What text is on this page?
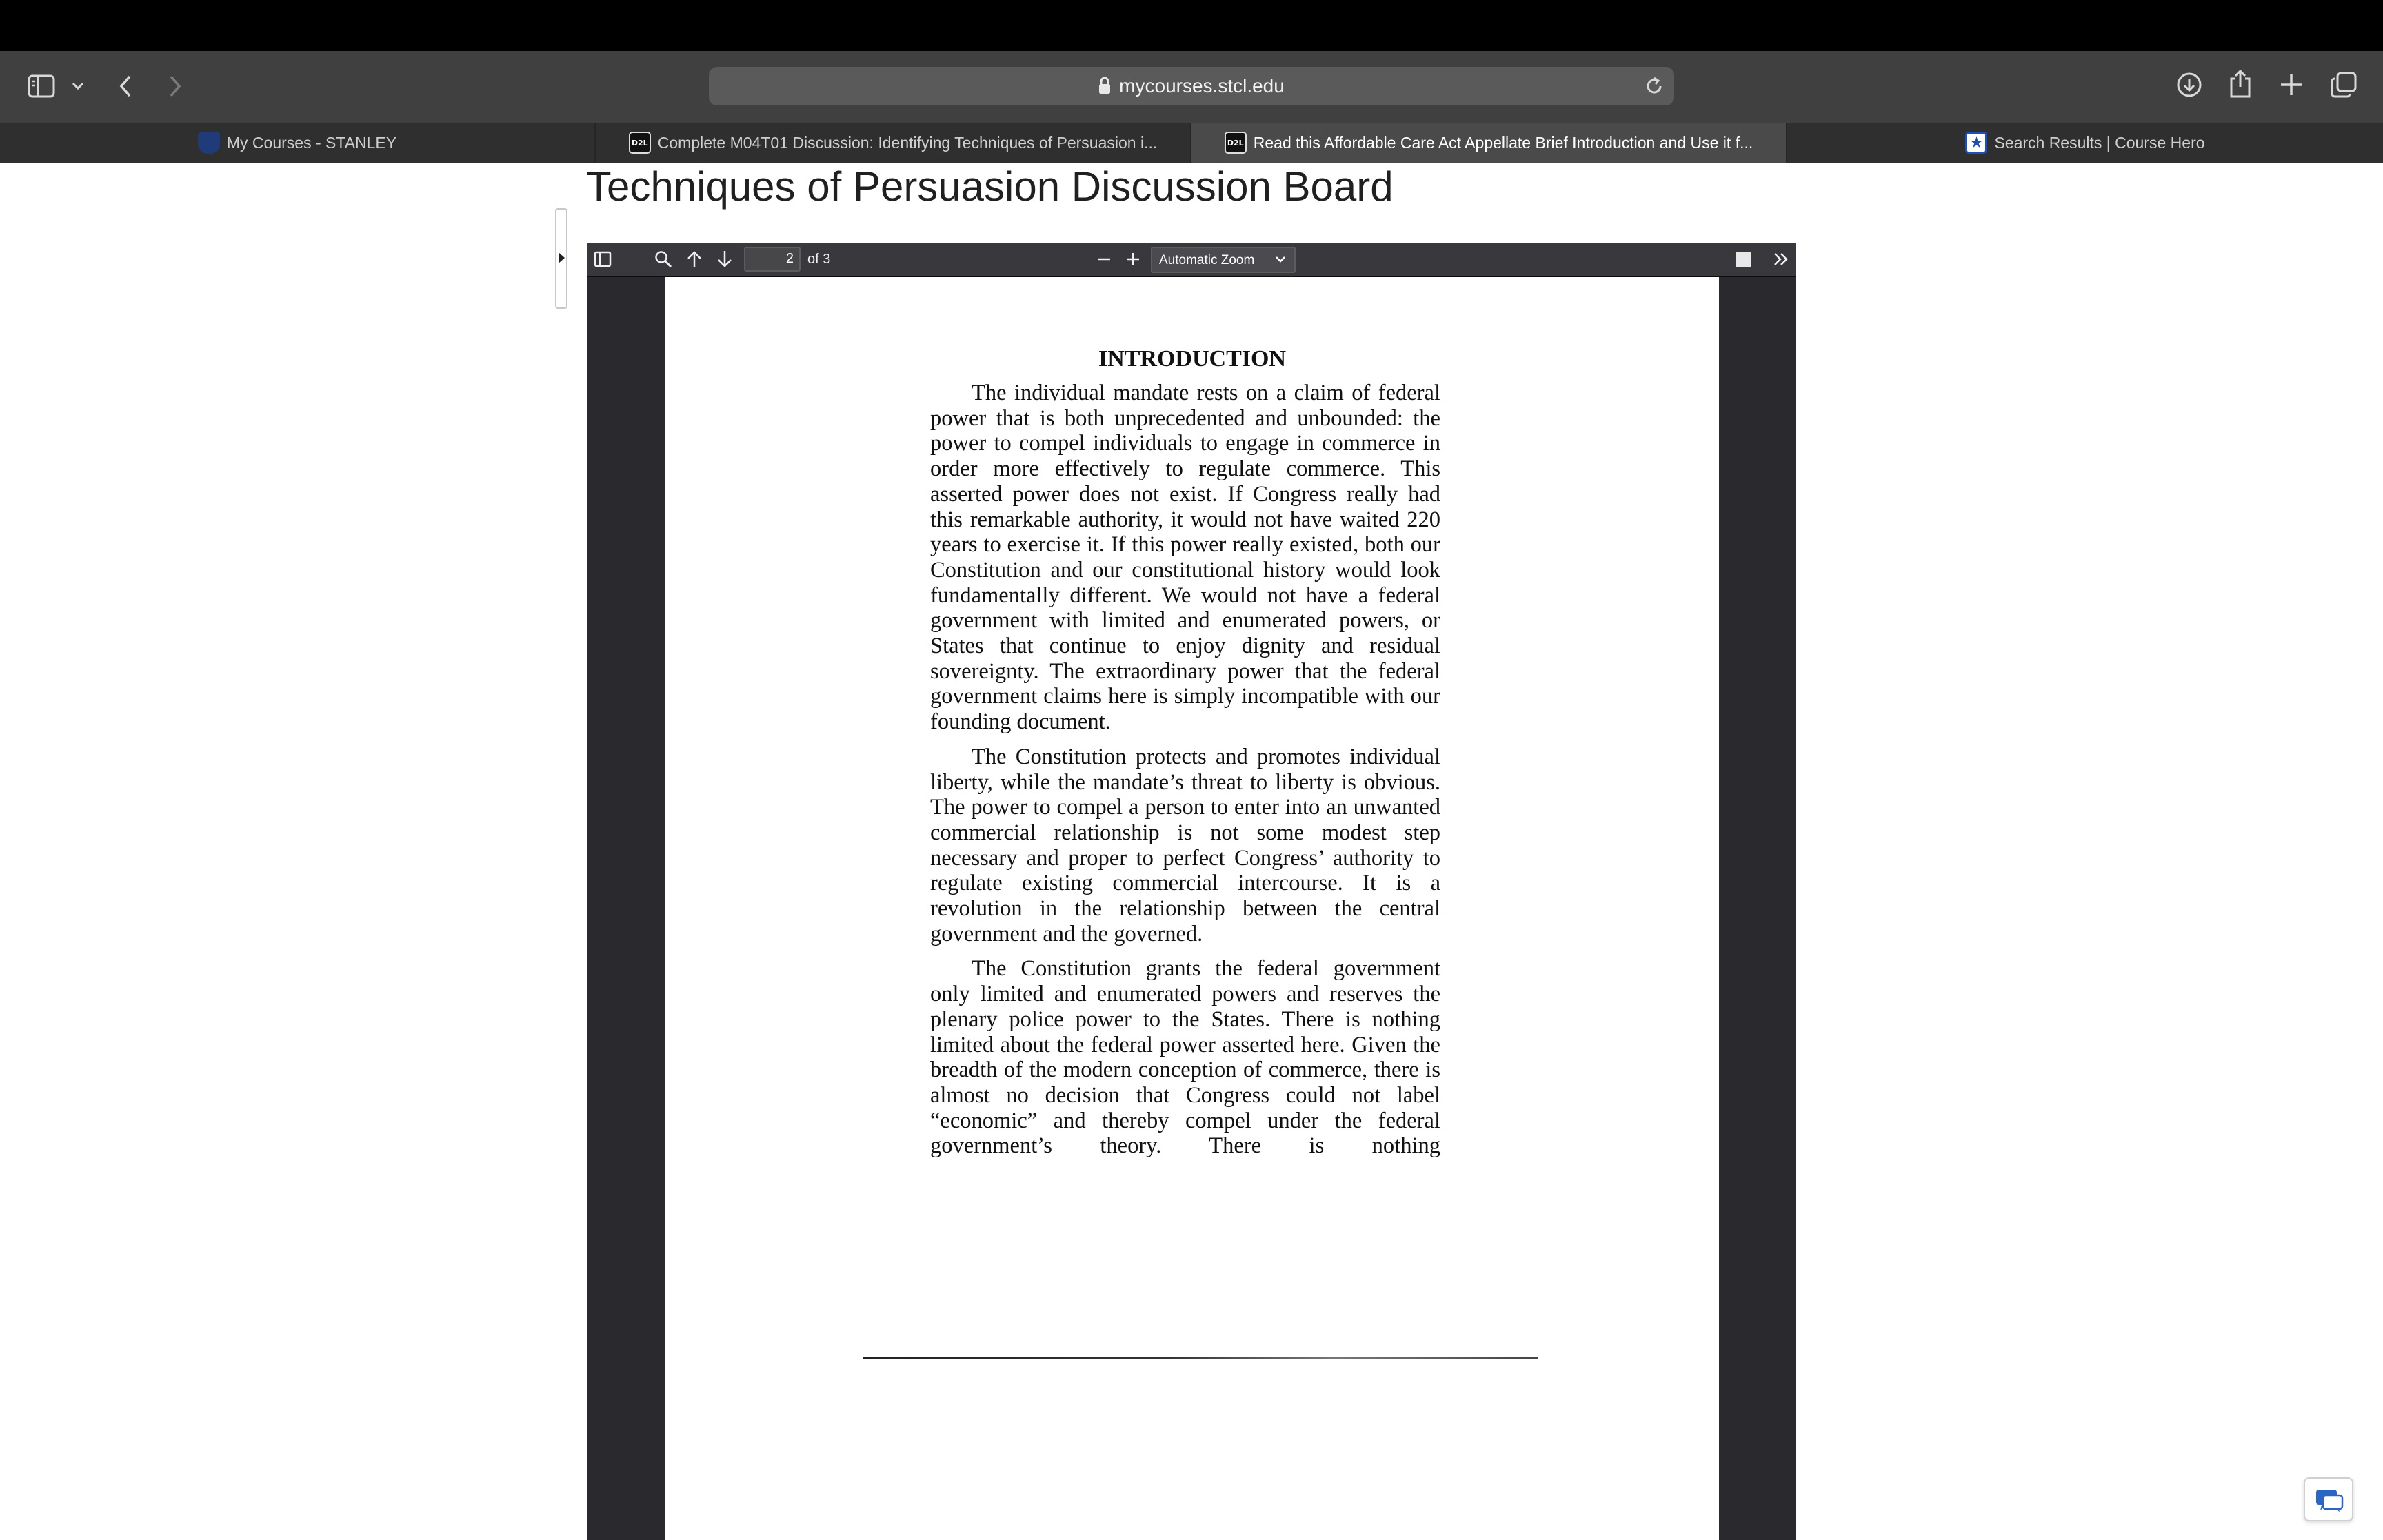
mycourses.stcl.edu
My Courses - STANLEY	D2L Complete M04T01 Discussion: Identifying Techniques of Persuasion i...	D2L Read this Affordable Care Act Appellate Brief Introduction and Use it f...	★ Search Results | Course Hero
Techniques of Persuasion Discussion Board
2	of 3	Automatic Zoom
INTRODUCTION

The individual mandate rests on a claim of federal power that is both unprecedented and unbounded: the power to compel individuals to engage in commerce in order more effectively to regulate commerce. This asserted power does not exist. If Congress really had this remarkable authority, it would not have waited 220 years to exercise it. If this power really existed, both our Constitution and our constitutional history would look fundamentally different. We would not have a federal government with limited and enumerated powers, or States that continue to enjoy dignity and residual sovereignty. The extraordinary power that the federal government claims here is simply incompatible with our founding document.

The Constitution protects and promotes individual liberty, while the mandate’s threat to liberty is obvious. The power to compel a person to enter into an unwanted commercial relationship is not some modest step necessary and proper to perfect Congress’ authority to regulate existing commercial intercourse. It is a revolution in the relationship between the central government and the governed.

The Constitution grants the federal government only limited and enumerated powers and reserves the plenary police power to the States. There is nothing limited about the federal power asserted here. Given the breadth of the modern conception of commerce, there is almost no decision that Congress could not label “economic” and thereby compel under the federal government’s theory. There is nothing
